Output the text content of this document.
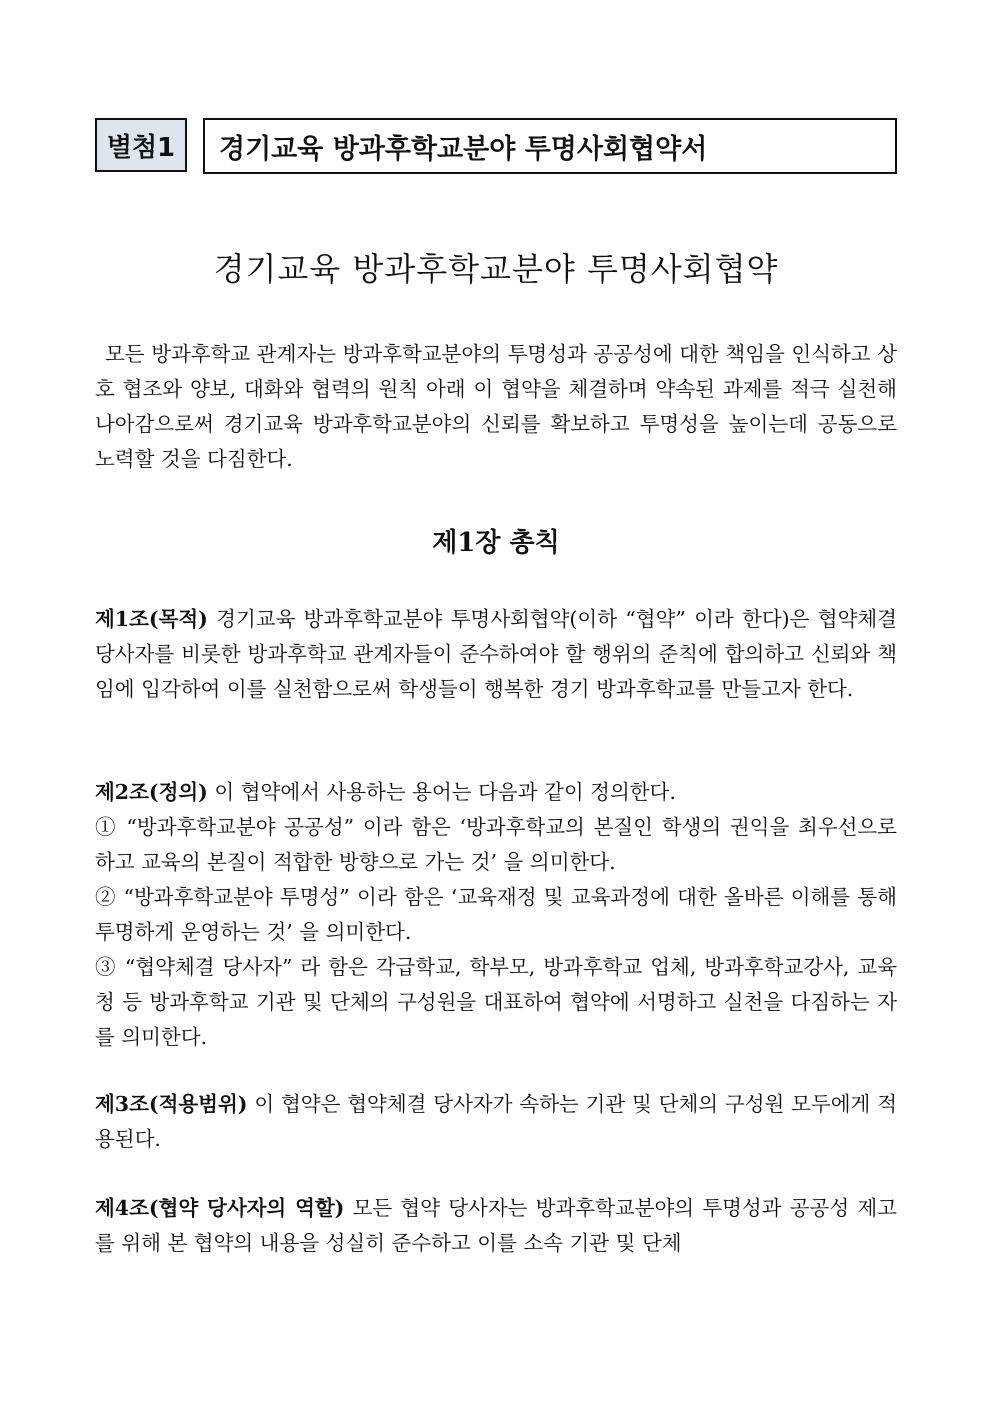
별첨1	경기교육 방과후학교분야 투명사회협약서
경기교육 방과후학교분야 투명사회협약
모든 방과후학교 관계자는 방과후학교분야의 투명성과 공공성에 대한 책임을 인식하고 상호 협조와 양보, 대화와 협력의 원칙 아래 이 협약을 체결하며 약속된 과제를 적극 실천해 나아감으로써 경기교육 방과후학교분야의 신뢰를 확보하고 투명성을 높이는데 공동으로 노력할 것을 다짐한다.
제1장 총칙
제1조(목적) 경기교육 방과후학교분야 투명사회협약(이하 “협약” 이라 한다)은 협약체결 당사자를 비롯한 방과후학교 관계자들이 준수하여야 할 행위의 준칙에 합의하고 신뢰와 책임에 입각하여 이를 실천함으로써 학생들이 행복한 경기 방과후학교를 만들고자 한다.

제2조(정의) 이 협약에서 사용하는 용어는 다음과 같이 정의한다.

① “방과후학교분야 공공성” 이라 함은 ‘방과후학교의 본질인 학생의 권익을 최우선으로 하고 교육의 본질이 적합한 방향으로 가는 것’ 을 의미한다.

② “방과후학교분야 투명성” 이라 함은 ‘교육재정 및 교육과정에 대한 올바른 이해를 통해 투명하게 운영하는 것’ 을 의미한다.

③ “협약체결 당사자” 라 함은 각급학교, 학부모, 방과후학교 업체, 방과후학교강사, 교육청 등 방과후학교 기관 및 단체의 구성원을 대표하여 협약에 서명하고 실천을 다짐하는 자를 의미한다.

제3조(적용범위) 이 협약은 협약체결 당사자가 속하는 기관 및 단체의 구성원 모두에게 적용된다.
제4조(협약 당사자의 역할) 모든 협약 당사자는 방과후학교분야의 투명성과 공공성 제고를 위해 본 협약의 내용을 성실히 준수하고 이를 소속 기관 및 단체
